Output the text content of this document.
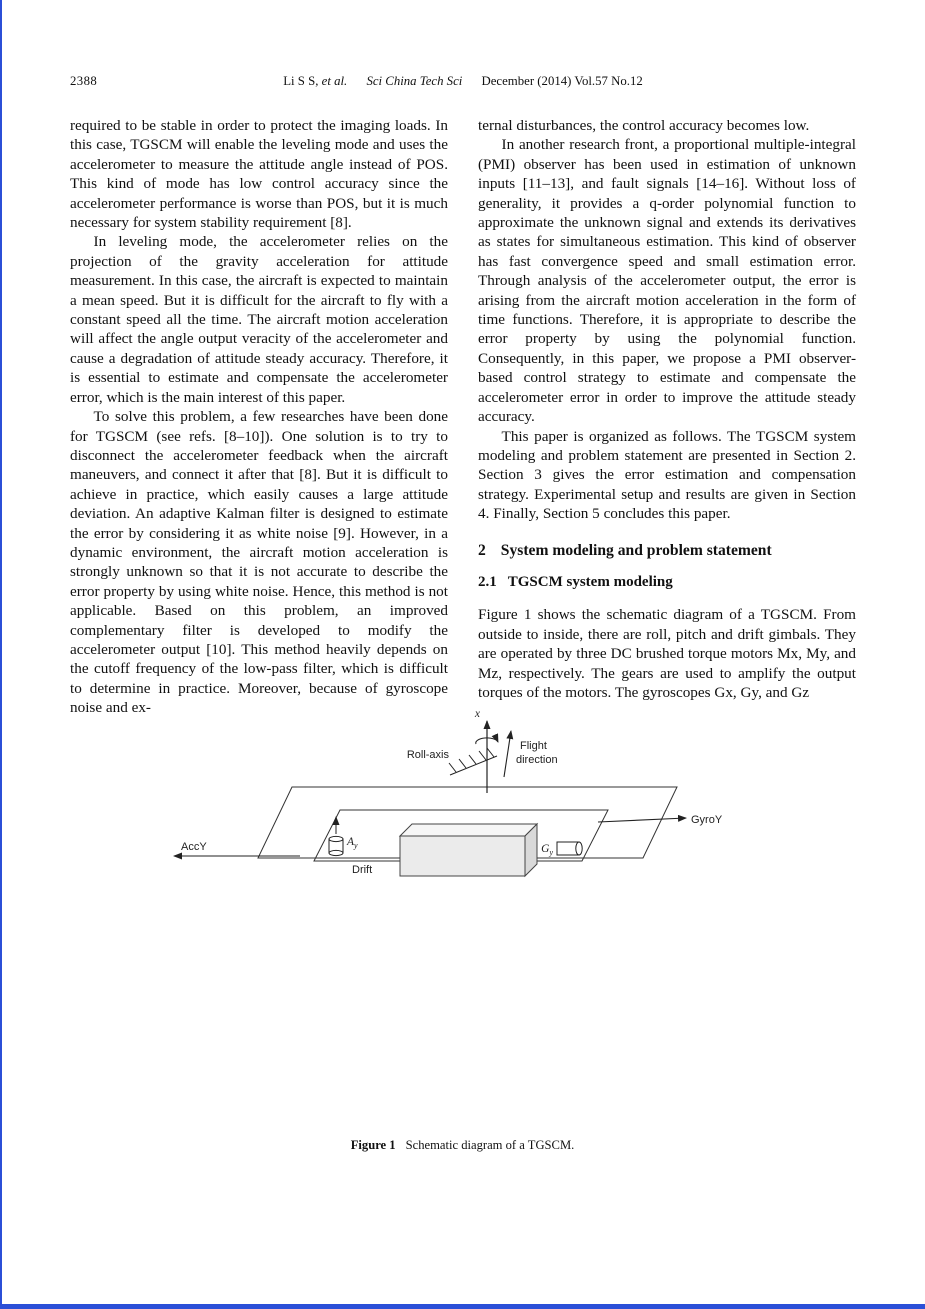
2388	Li S S, et al. Sci China Tech Sci December (2014) Vol.57 No.12

required to be stable in order to protect the imaging loads. In this case, TGSCM will enable the leveling mode and uses the accelerometer to measure the attitude angle instead of POS. This kind of mode has low control accuracy since the accelerometer performance is worse than POS, but it is much necessary for system stability requirement [8].

In leveling mode, the accelerometer relies on the projection of the gravity acceleration for attitude measurement. In this case, the aircraft is expected to maintain a mean speed. But it is difficult for the aircraft to fly with a constant speed all the time. The aircraft motion acceleration will affect the angle output veracity of the accelerometer and cause a degradation of attitude steady accuracy. Therefore, it is essential to estimate and compensate the accelerometer error, which is the main interest of this paper.

To solve this problem, a few researches have been done for TGSCM (see refs. [8–10]). One solution is to try to disconnect the accelerometer feedback when the aircraft maneuvers, and connect it after that [8]. But it is difficult to achieve in practice, which easily causes a large attitude deviation. An adaptive Kalman filter is designed to estimate the error by considering it as white noise [9]. However, in a dynamic environment, the aircraft motion acceleration is strongly unknown so that it is not accurate to describe the error property by using white noise. Hence, this method is not applicable. Based on this problem, an improved complementary filter is developed to modify the accelerometer output [10]. This method heavily depends on the cutoff frequency of the low-pass filter, which is difficult to determine in practice. Moreover, because of gyroscope noise and ex-

ternal disturbances, the control accuracy becomes low.

In another research front, a proportional multiple-integral (PMI) observer has been used in estimation of unknown inputs [11–13], and fault signals [14–16]. Without loss of generality, it provides a q-order polynomial function to approximate the unknown signal and extends its derivatives as states for simultaneous estimation. This kind of observer has fast convergence speed and small estimation error. Through analysis of the accelerometer output, the error is arising from the aircraft motion acceleration in the form of time functions. Therefore, it is appropriate to describe the error property by using the polynomial function. Consequently, in this paper, we propose a PMI observer-based control strategy to estimate and compensate the accelerometer error in order to improve the attitude steady accuracy.

This paper is organized as follows. The TGSCM system modeling and problem statement are presented in Section 2. Section 3 gives the error estimation and compensation strategy. Experimental setup and results are given in Section 4. Finally, Section 5 concludes this paper.

2 System modeling and problem statement
2.1 TGSCM system modeling

Figure 1 shows the schematic diagram of a TGSCM. From outside to inside, there are roll, pitch and drift gimbals. They are operated by three DC brushed torque motors Mx, My, and Mz, respectively. The gears are used to amplify the output torques of the motors. The gyroscopes Gx, Gy, and Gz

x
Flight
direction
Roll-axis
GyroY
AccY	$A_y$	$G_y$
Drift
Figure 1 Schematic diagram of a TGSCM.
